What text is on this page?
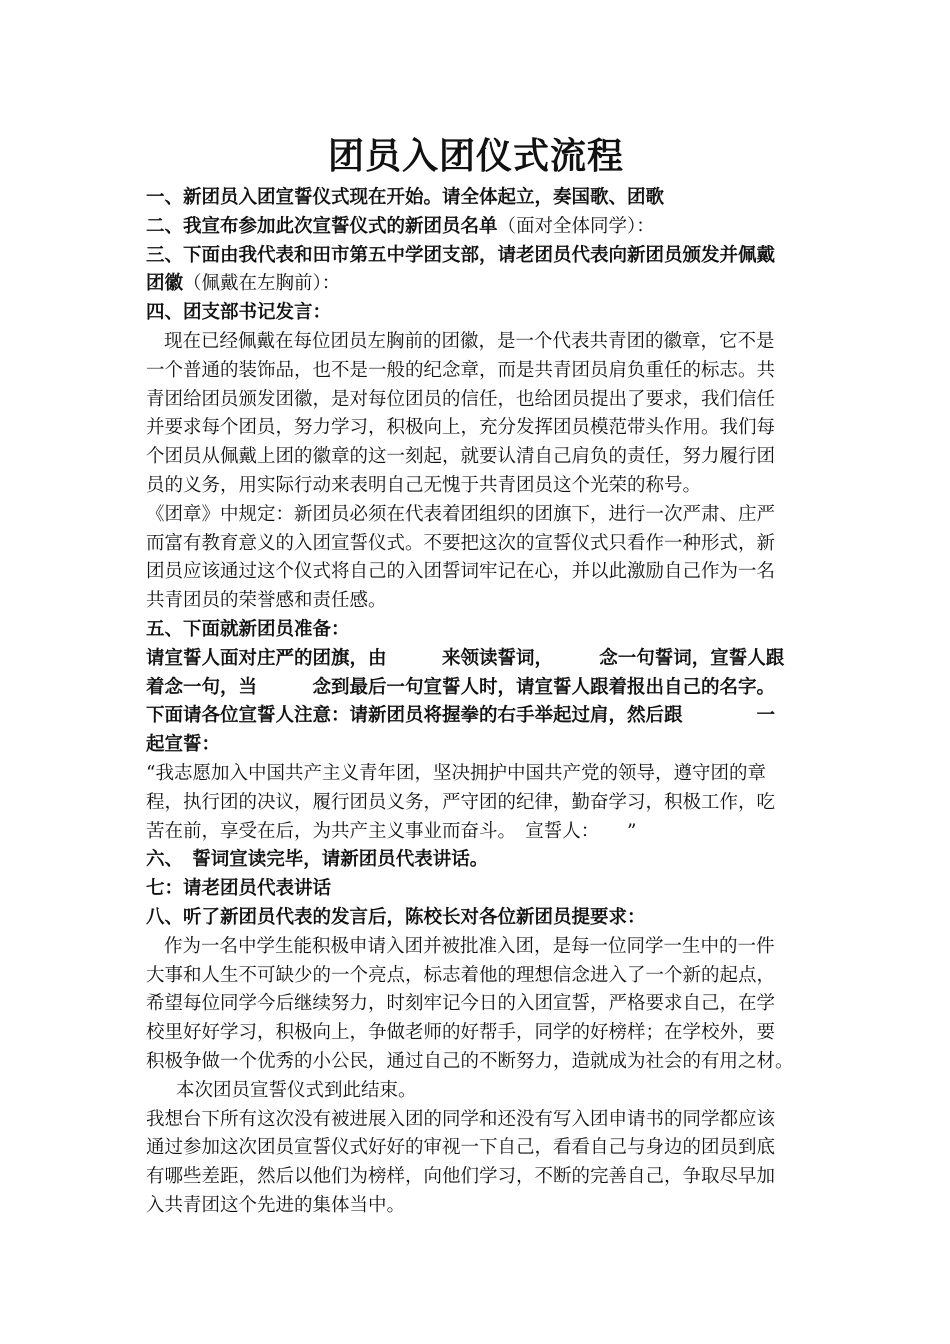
团员入团仪式流程
一、新团员入团宣誓仪式现在开始。请全体起立，奏国歌、团歌
二、我宣布参加此次宣誓仪式的新团员名单（面对全体同学）：
三、下面由我代表和田市第五中学团支部，请老团员代表向新团员颁发并佩戴
团徽（佩戴在左胸前）：
四、团支部书记发言：
现在已经佩戴在每位团员左胸前的团徽，是一个代表共青团的徽章，它不是
一个普通的装饰品，也不是一般的纪念章，而是共青团员肩负重任的标志。共
青团给团员颁发团徽，是对每位团员的信任，也给团员提出了要求，我们信任
并要求每个团员，努力学习，积极向上，充分发挥团员模范带头作用。我们每
个团员从佩戴上团的徽章的这一刻起，就要认清自己肩负的责任，努力履行团
员的义务，用实际行动来表明自己无愧于共青团员这个光荣的称号。
《团章》中规定：新团员必须在代表着团组织的团旗下，进行一次严肃、庄严
而富有教育意义的入团宣誓仪式。不要把这次的宣誓仪式只看作一种形式，新
团员应该通过这个仪式将自己的入团誓词牢记在心，并以此激励自己作为一名
共青团员的荣誉感和责任感。
五、下面就新团员准备：
请宣誓人面对庄严的团旗，由　　　来领读誓词，　　　念一句誓词，宣誓人跟
着念一句，当　　　念到最后一句宣誓人时，请宣誓人跟着报出自己的名字。
下面请各位宣誓人注意：请新团员将握拳的右手举起过肩，然后跟　　　　一
起宣誓：
“我志愿加入中国共产主义青年团，坚决拥护中国共产党的领导，遵守团的章
程，执行团的决议，履行团员义务，严守团的纪律，勤奋学习，积极工作，吃
苦在前，享受在后，为共产主义事业而奋斗。　宣誓人：　　”
六、　誓词宣读完毕，请新团员代表讲话。
七：请老团员代表讲话
八、听了新团员代表的发言后，陈校长对各位新团员提要求：
作为一名中学生能积极申请入团并被批准入团，是每一位同学一生中的一件
大事和人生不可缺少的一个亮点，标志着他的理想信念进入了一个新的起点，
希望每位同学今后继续努力，时刻牢记今日的入团宣誓，严格要求自己，在学
校里好好学习，积极向上，争做老师的好帮手，同学的好榜样；在学校外，要
积极争做一个优秀的小公民，通过自己的不断努力，造就成为社会的有用之材。
本次团员宣誓仪式到此结束。
我想台下所有这次没有被进展入团的同学和还没有写入团申请书的同学都应该
通过参加这次团员宣誓仪式好好的审视一下自己，看看自己与身边的团员到底
有哪些差距，然后以他们为榜样，向他们学习，不断的完善自己，争取尽早加
入共青团这个先进的集体当中。
